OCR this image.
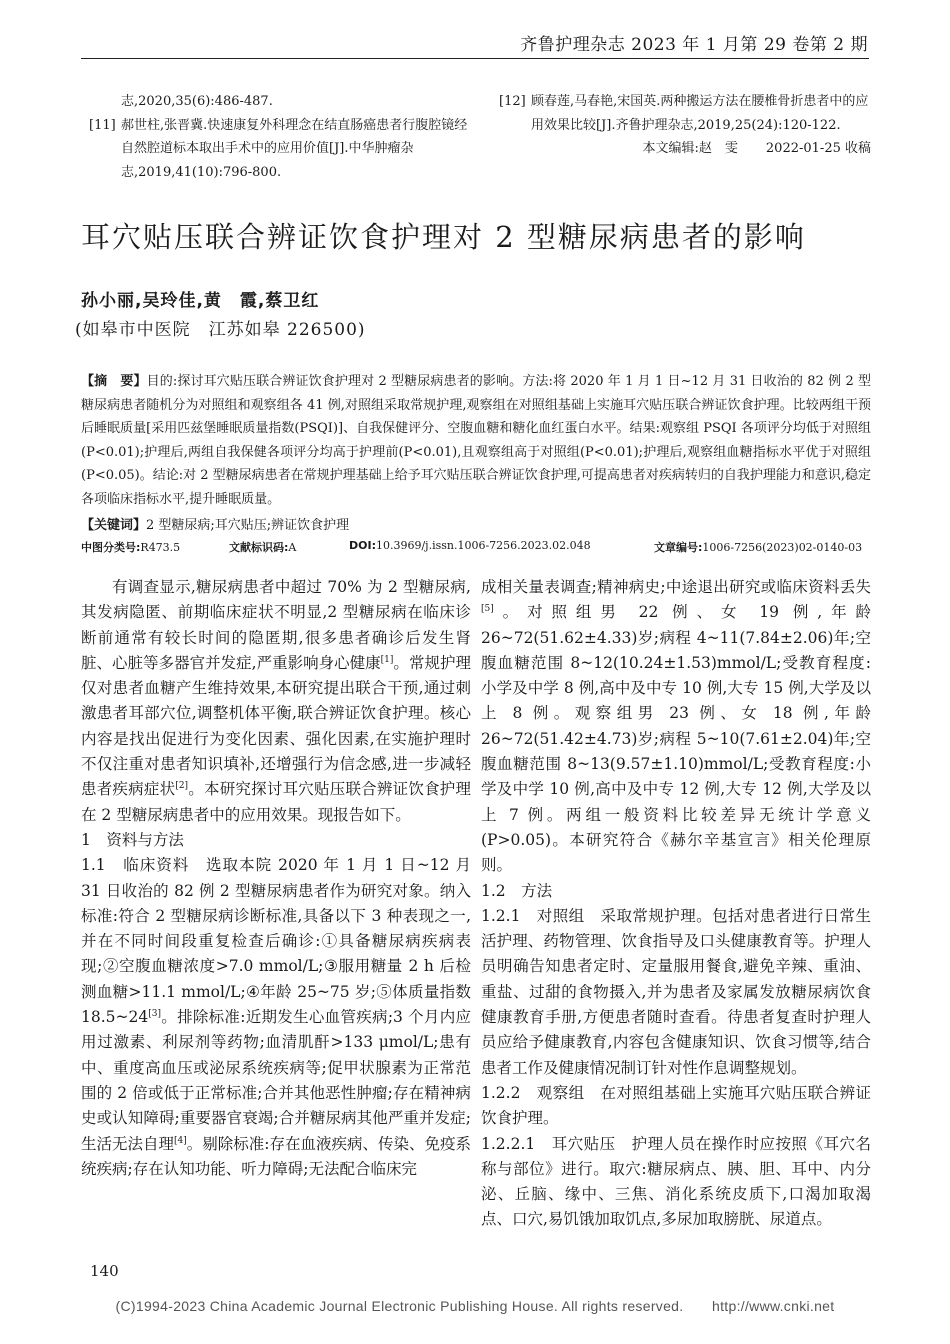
齐鲁护理杂志 2023 年 1 月第 29 卷第 2 期
志,2020,35(6):486-487.
[11] 郝世柱,张晋冀.快速康复外科理念在结直肠癌患者行腹腔镜经自然腔道标本取出手术中的应用价值[J].中华肿瘤杂志,2019,41(10):796-800.
[12] 顾春莲,马春艳,宋国英.两种搬运方法在腰椎骨折患者中的应用效果比较[J].齐鲁护理杂志,2019,25(24):120-122.
本文编辑:赵　雯 2022-01-25 收稿
耳穴贴压联合辨证饮食护理对 2 型糖尿病患者的影响
孙小丽,吴玲佳,黄　霞,蔡卫红
(如皋市中医院　江苏如皋 226500)
【摘　要】目的:探讨耳穴贴压联合辨证饮食护理对 2 型糖尿病患者的影响。方法:将 2020 年 1 月 1 日~12 月 31 日收治的 82 例 2 型糖尿病患者随机分为对照组和观察组各 41 例,对照组采取常规护理,观察组在对照组基础上实施耳穴贴压联合辨证饮食护理。比较两组干预后睡眠质量[采用匹兹堡睡眠质量指数(PSQI)]、自我保健评分、空腹血糖和糖化血红蛋白水平。结果:观察组 PSQI 各项评分均低于对照组(P<0.01);护理后,两组自我保健各项评分均高于护理前(P<0.01),且观察组高于对照组(P<0.01);护理后,观察组血糖指标水平优于对照组(P<0.05)。结论:对 2 型糖尿病患者在常规护理基础上给予耳穴贴压联合辨证饮食护理,可提高患者对疾病转归的自我护理能力和意识,稳定各项临床指标水平,提升睡眠质量。
【关键词】2 型糖尿病;耳穴贴压;辨证饮食护理
中图分类号:R473.5	文献标识码:A	DOI:10.3969/j.issn.1006-7256.2023.02.048	文章编号:1006-7256(2023)02-0140-03

有调查显示,糖尿病患者中超过 70% 为 2 型糖尿病,其发病隐匿、前期临床症状不明显,2 型糖尿病在临床诊断前通常有较长时间的隐匿期,很多患者确诊后发生肾脏、心脏等多器官并发症,严重影响身心健康[1]。常规护理仅对患者血糖产生维持效果,本研究提出联合干预,通过刺激患者耳部穴位,调整机体平衡,联合辨证饮食护理。核心内容是找出促进行为变化因素、强化因素,在实施护理时不仅注重对患者知识填补,还增强行为信念感,进一步减轻患者疾病症状[2]。本研究探讨耳穴贴压联合辨证饮食护理在 2 型糖尿病患者中的应用效果。现报告如下。

1　资料与方法

1.1　临床资料　选取本院 2020 年 1 月 1 日~12 月 31 日收治的 82 例 2 型糖尿病患者作为研究对象。纳入标准:符合 2 型糖尿病诊断标准,具备以下 3 种表现之一,并在不同时间段重复检查后确诊:①具备糖尿病疾病表现;②空腹血糖浓度>7.0 mmol/L;③服用糖量 2 h 后检测血糖>11.1 mmol/L;④年龄 25~75 岁;⑤体质量指数 18.5~24[3]。排除标准:近期发生心血管疾病;3 个月内应用过激素、利尿剂等药物;血清肌酐>133 μmol/L;患有中、重度高血压或泌尿系统疾病等;促甲状腺素为正常范围的 2 倍或低于正常标准;合并其他恶性肿瘤;存在精神病史或认知障碍;重要器官衰竭;合并糖尿病其他严重并发症;生活无法自理[4]。剔除标准:存在血液疾病、传染、免疫系统疾病;存在认知功能、听力障碍;无法配合临床完

成相关量表调查;精神病史;中途退出研究或临床资料丢失[5]。对照组男 22 例、女 19 例,年龄 26~72(51.62±4.33)岁;病程 4~11(7.84±2.06)年;空腹血糖范围 8~12(10.24±1.53)mmol/L;受教育程度:小学及中学 8 例,高中及中专 10 例,大专 15 例,大学及以上 8 例。观察组男 23 例、女 18 例,年龄 26~72(51.42±4.73)岁;病程 5~10(7.61±2.04)年;空腹血糖范围 8~13(9.57±1.10)mmol/L;受教育程度:小学及中学 10 例,高中及中专 12 例,大专 12 例,大学及以上 7 例。两组一般资料比较差异无统计学意义(P>0.05)。本研究符合《赫尔辛基宣言》相关伦理原则。

1.2　方法

1.2.1　对照组　采取常规护理。包括对患者进行日常生活护理、药物管理、饮食指导及口头健康教育等。护理人员明确告知患者定时、定量服用餐食,避免辛辣、重油、重盐、过甜的食物摄入,并为患者及家属发放糖尿病饮食健康教育手册,方便患者随时查看。待患者复查时护理人员应给予健康教育,内容包含健康知识、饮食习惯等,结合患者工作及健康情况制订针对性作息调整规划。

1.2.2　观察组　在对照组基础上实施耳穴贴压联合辨证饮食护理。

1.2.2.1　耳穴贴压　护理人员在操作时应按照《耳穴名称与部位》进行。取穴:糖尿病点、胰、胆、耳中、内分泌、丘脑、缘中、三焦、消化系统皮质下,口渴加取渴点、口穴,易饥饿加取饥点,多尿加取膀胱、尿道点。

140
(C)1994-2023 China Academic Journal Electronic Publishing House. All rights reserved.　　http://www.cnki.net
